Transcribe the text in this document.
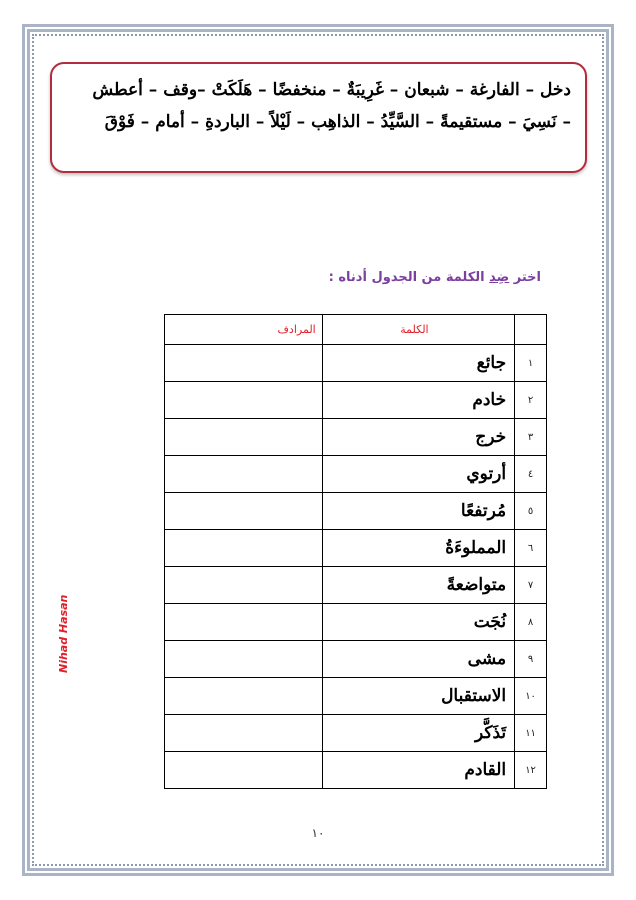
دخل – الفارغة – شبعان – غَرِيبَةٌ – منخفضًا – هَلَكَتْ –وقف – أعطش
– نَسِيَ – مستقيمةً – السَّيِّدُ – الذاهِب – لَيْلاً – الباردةِ – أمام – فَوْقَ
اختر ضِد الكلمة من الجدول أدناه :
	الكلمة	المرادف
١	جائع	
٢	خادم	
٣	خرج	
٤	أرتوي	
٥	مُرتفعًا	
٦	المملوءَةُ	
٧	متواضعةً	
٨	نُجَت	
٩	مشى	
١٠	الاستقبال	
١١	تَذَكَّر	
١٢	القادم	
Nihad Hasan
١٠
